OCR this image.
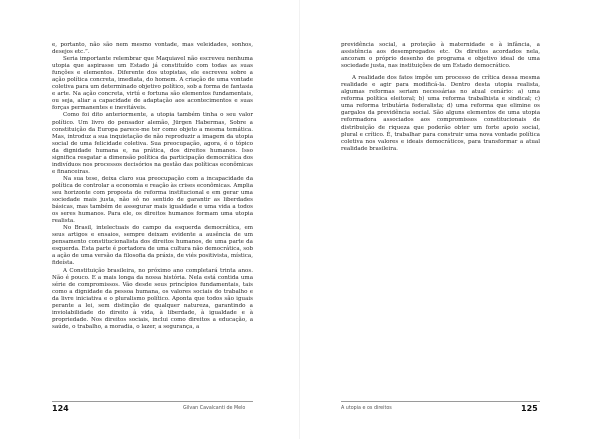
e, portanto, não são nem mesmo vontade, mas veleidades, sonhos, desejos etc.”.

Seria importante relembrar que Maquiavel não escreveu nenhuma utopia que aspirasse um Estado já constituído com todas as suas funções e elementos. Diferente dos utopistas, ele escreveu sobre a ação política concreta, imediata, do homem. A criação de uma vontade coletiva para um determinado objetivo político, sob a forma de fantasia e arte. Na ação concreta, virtú e fortuna são elementos fundamentais, ou seja, aliar a capacidade de adaptação aos acontecimentos e suas forças permanentes e inevitáveis.

Como foi dito anteriormente, a utopia também tinha o seu valor político. Um livro do pensador alemão, Jürgen Habermas, Sobre a constituição da Europa parece-me ter como objeto a mesma temática. Mas, introduz a sua inquietação de não reproduzir a imagem da utopia social de uma felicidade coletiva. Sua preocupação, agora, é o tópico da dignidade humana e, na prática, dos direitos humanos. Isso significa resgatar a dimensão política da participação democrática dos indivíduos nos processos decisórios na gestão das políticas econômicas e financeiras.

Na sua tese, deixa claro sua preocupação com a incapacidade da política de controlar a economia e reação às crises econômicas. Amplia seu horizonte com proposta de reforma institucional e em gerar uma sociedade mais justa, não só no sentido de garantir as liberdades básicas, mas também de assegurar mais igualdade e uma vida a todos os seres humanos. Para ele, os direitos humanos formam uma utopia realista.

No Brasil, intelectuais do campo da esquerda democrática, em seus artigos e ensaios, sempre deixam evidente a ausência de um pensamento constitucionalista dos direitos humanos, de uma parte da esquerda. Esta parte é portadora de uma cultura não democrática, sob a ação de uma versão da filosofia da práxis, de viés positivista, mística, fideísta.

A Constituição brasileira, no próximo ano completará trinta anos. Não é pouco. E a mais longa da nossa história. Nela está contida uma série de compromissos. Vão desde seus princípios fundamentais, tais como a dignidade da pessoa humana, os valores sociais do trabalho e da livre iniciativa e o pluralismo político. Aponta que todos são iguais perante a lei, sem distinção de qualquer natureza, garantindo a inviolabilidade do direito à vida, à liberdade, à igualdade e à propriedade. Nos direitos sociais, inclui como direitos a educação, a saúde, o trabalho, a moradia, o lazer, a segurança, a

124	Gilvan Cavalcanti de Melo

previdência social, a proteção à maternidade e à infância, a assistência aos desempregados etc. Os direitos acordados nela, ancoram o próprio desenho de programa e objetivo ideal de uma sociedade justa, nas instituições de um Estado democrático.

A realidade dos fatos impõe um processo de crítica dessa mesma realidade e agir para modificá-la. Dentro desta utopia realista, algumas reformas seriam necessárias no atual cenário: a) uma reforma política eleitoral; b) uma reforma trabalhista e sindical; c) uma reforma tributária federalista; d) uma reforma que elimine os gargalos da previdência social. São alguns elementos de uma utopia reformadora associados aos compromissos constitucionais de distribuição de riqueza que poderão obter um forte apoio social, plural e crítico. É, trabalhar para construir uma nova vontade política coletiva nos valores e ideais democráticos, para transformar a atual realidade brasileira.

A utopia e os direitos	125
